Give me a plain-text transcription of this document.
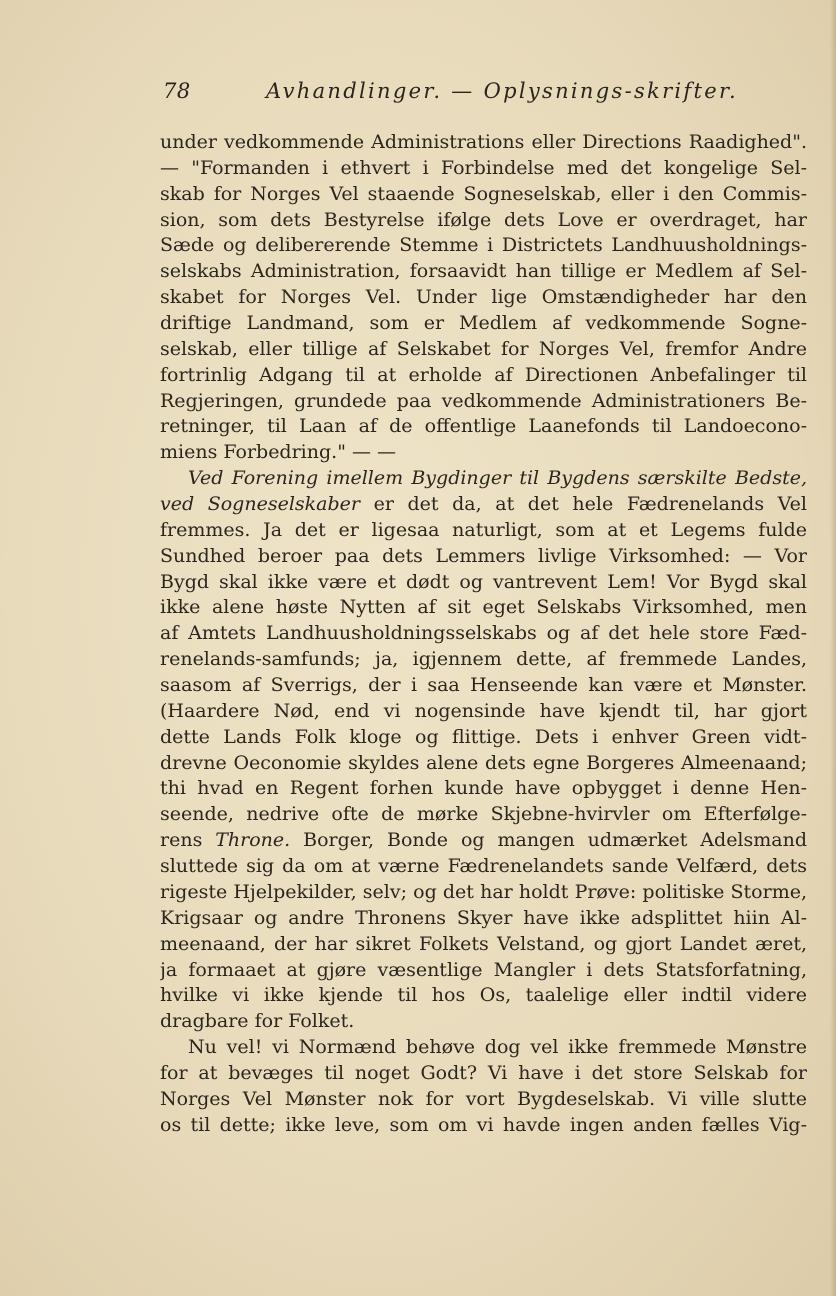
78	Avhandlinger. — Oplysnings-skrifter.
under vedkommende Administrations eller Directions Raadighed".
— "Formanden i ethvert i Forbindelse med det kongelige Sel-
skab for Norges Vel staaende Sogneselskab, eller i den Commis-
sion, som dets Bestyrelse ifølge dets Love er overdraget, har
Sæde og delibererende Stemme i Districtets Landhuusholdnings-
selskabs Administration, forsaavidt han tillige er Medlem af Sel-
skabet for Norges Vel. Under lige Omstændigheder har den
driftige Landmand, som er Medlem af vedkommende Sogne-
selskab, eller tillige af Selskabet for Norges Vel, fremfor Andre
fortrinlig Adgang til at erholde af Directionen Anbefalinger til
Regjeringen, grundede paa vedkommende Administrationers Be-
retninger, til Laan af de offentlige Laanefonds til Landoecono-
miens Forbedring." — —
Ved Forening imellem Bygdinger til Bygdens særskilte Bedste,
ved Sogneselskaber er det da, at det hele Fædrenelands Vel
fremmes. Ja det er ligesaa naturligt, som at et Legems fulde
Sundhed beroer paa dets Lemmers livlige Virksomhed: — Vor
Bygd skal ikke være et dødt og vantrevent Lem! Vor Bygd skal
ikke alene høste Nytten af sit eget Selskabs Virksomhed, men
af Amtets Landhuusholdningsselskabs og af det hele store Fæd-
renelands-samfunds; ja, igjennem dette, af fremmede Landes,
saasom af Sverrigs, der i saa Henseende kan være et Mønster.
(Haardere Nød, end vi nogensinde have kjendt til, har gjort
dette Lands Folk kloge og flittige. Dets i enhver Green vidt-
drevne Oeconomie skyldes alene dets egne Borgeres Almeenaand;
thi hvad en Regent forhen kunde have opbygget i denne Hen-
seende, nedrive ofte de mørke Skjebne-hvirvler om Efterfølge-
rens Throne. Borger, Bonde og mangen udmærket Adelsmand
sluttede sig da om at værne Fædrenelandets sande Velfærd, dets
rigeste Hjelpekilder, selv; og det har holdt Prøve: politiske Storme,
Krigsaar og andre Thronens Skyer have ikke adsplittet hiin Al-
meenaand, der har sikret Folkets Velstand, og gjort Landet æret,
ja formaaet at gjøre væsentlige Mangler i dets Statsforfatning,
hvilke vi ikke kjende til hos Os, taalelige eller indtil videre
dragbare for Folket.
Nu vel! vi Normænd behøve dog vel ikke fremmede Mønstre
for at bevæges til noget Godt? Vi have i det store Selskab for
Norges Vel Mønster nok for vort Bygdeselskab. Vi ville slutte
os til dette; ikke leve, som om vi havde ingen anden fælles Vig-
